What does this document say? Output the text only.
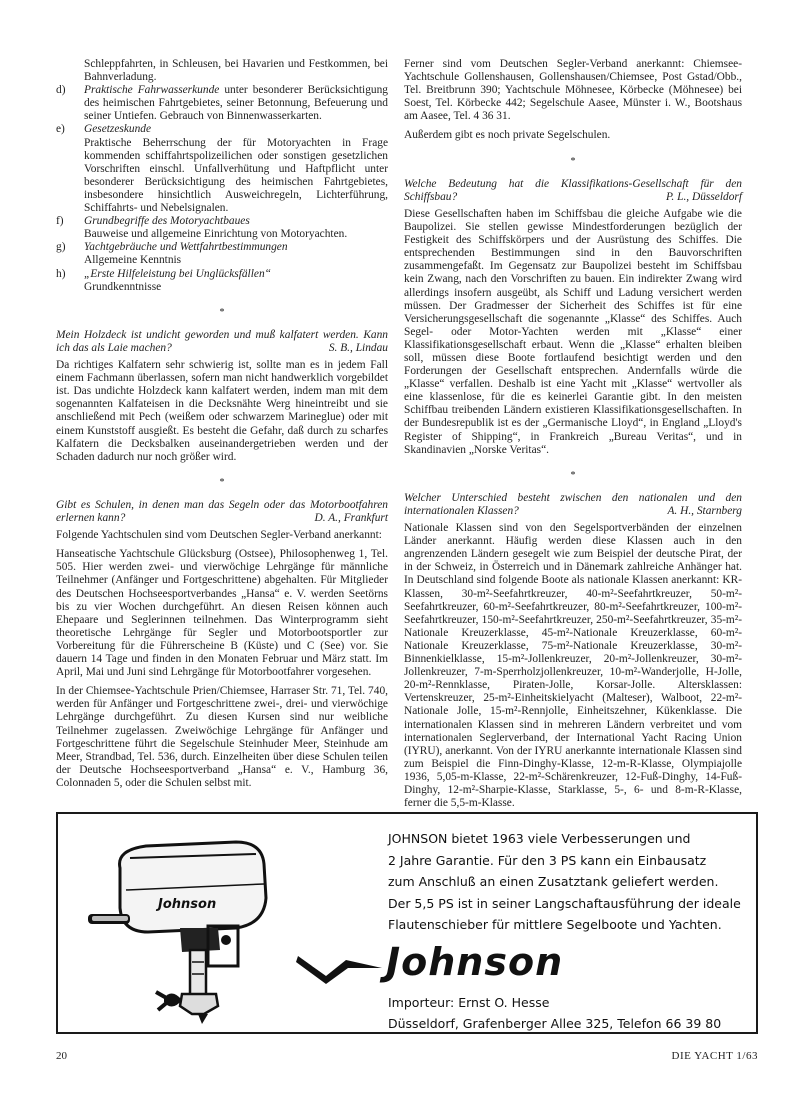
Schleppfahrten, in Schleusen, bei Havarien und Festkommen, bei Bahnverladung.

d)	Praktische Fahrwasserkunde unter besonderer Berücksichtigung des heimischen Fahrtgebietes, seiner Betonnung, Befeuerung und seiner Untiefen. Gebrauch von Binnenwasserkarten.
e)	Gesetzeskunde

Praktische Beherrschung der für Motoryachten in Frage kommenden schiffahrtspolizeilichen oder sonstigen gesetzlichen Vorschriften einschl. Unfallverhütung und Haftpflicht unter besonderer Berücksichtigung des heimischen Fahrtgebietes, insbesondere hinsichtlich Ausweichregeln, Lichterführung, Schiffahrts- und Nebelsignalen.

f)	Grundbegriffe des Motoryachtbaues

Bauweise und allgemeine Einrichtung von Motoryachten.

g)	Yachtgebräuche und Wettfahrtbestimmungen

Allgemeine Kenntnis

h)	„Erste Hilfeleistung bei Unglücksfällen“

Grundkenntnisse

*

Mein Holzdeck ist undicht geworden und muß kalfatert werden. Kann ich das als Laie machen?	S. B., Lindau

Da richtiges Kalfatern sehr schwierig ist, sollte man es in jedem Fall einem Fachmann überlassen, sofern man nicht handwerklich vorgebildet ist. Das undichte Holzdeck kann kalfatert werden, indem man mit dem sogenannten Kalfateisen in die Decksnähte Werg hineintreibt und sie anschließend mit Pech (weißem oder schwarzem Marineglue) oder mit einem Kunststoff ausgießt. Es besteht die Gefahr, daß durch zu scharfes Kalfatern die Decksbalken auseinandergetrieben werden und der Schaden dadurch nur noch größer wird.

*

Gibt es Schulen, in denen man das Segeln oder das Motorbootfahren erlernen kann?	D. A., Frankfurt

Folgende Yachtschulen sind vom Deutschen Segler-Verband anerkannt:

Hanseatische Yachtschule Glücksburg (Ostsee), Philosophenweg 1, Tel. 505. Hier werden zwei- und vierwöchige Lehrgänge für männliche Teilnehmer (Anfänger und Fortgeschrittene) abgehalten. Für Mitglieder des Deutschen Hochseesportverbandes „Hansa“ e. V. werden Seetörns bis zu vier Wochen durchgeführt. An diesen Reisen können auch Ehepaare und Seglerinnen teilnehmen. Das Winterprogramm sieht theoretische Lehrgänge für Segler und Motorbootsportler zur Vorbereitung für die Führerscheine B (Küste) und C (See) vor. Sie dauern 14 Tage und finden in den Monaten Februar und März statt. Im April, Mai und Juni sind Lehrgänge für Motorbootfahrer vorgesehen.

In der Chiemsee-Yachtschule Prien/Chiemsee, Harraser Str. 71, Tel. 740, werden für Anfänger und Fortgeschrittene zwei-, drei- und vierwöchige Lehrgänge durchgeführt. Zu diesen Kursen sind nur weibliche Teilnehmer zugelassen. Zweiwöchige Lehrgänge für Anfänger und Fortgeschrittene führt die Segelschule Steinhuder Meer, Steinhude am Meer, Strandbad, Tel. 536, durch. Einzelheiten über diese Schulen teilen der Deutsche Hochseesportverband „Hansa“ e. V., Hamburg 36, Colonnaden 5, oder die Schulen selbst mit.

Ferner sind vom Deutschen Segler-Verband anerkannt: Chiemsee-Yachtschule Gollenshausen, Gollenshausen/Chiemsee, Post Gstad/Obb., Tel. Breitbrunn 390; Yachtschule Möhnesee, Körbecke (Möhnesee) bei Soest, Tel. Körbecke 442; Segelschule Aasee, Münster i. W., Bootshaus am Aasee, Tel. 4 36 31.

Außerdem gibt es noch private Segelschulen.

*

Welche Bedeutung hat die Klassifikations-Gesellschaft für den Schiffsbau?	P. L., Düsseldorf

Diese Gesellschaften haben im Schiffsbau die gleiche Aufgabe wie die Baupolizei. Sie stellen gewisse Mindestforderungen bezüglich der Festigkeit des Schiffskörpers und der Ausrüstung des Schiffes. Die entsprechenden Bestimmungen sind in den Bauvorschriften zusammengefaßt. Im Gegensatz zur Baupolizei besteht im Schiffsbau kein Zwang, nach den Vorschriften zu bauen. Ein indirekter Zwang wird allerdings insofern ausgeübt, als Schiff und Ladung versichert werden müssen. Der Gradmesser der Sicherheit des Schiffes ist für eine Versicherungsgesellschaft die sogenannte „Klasse“ des Schiffes. Auch Segel- oder Motor-Yachten werden mit „Klasse“ einer Klassifikationsgesellschaft erbaut. Wenn die „Klasse“ erhalten bleiben soll, müssen diese Boote fortlaufend besichtigt werden und den Forderungen der Gesellschaft entsprechen. Andernfalls würde die „Klasse“ verfallen. Deshalb ist eine Yacht mit „Klasse“ wertvoller als eine klassenlose, für die es keinerlei Garantie gibt. In den meisten Schiffbau treibenden Ländern existieren Klassifikationsgesellschaften. In der Bundesrepublik ist es der „Germanische Lloyd“, in England „Lloyd's Register of Shipping“, in Frankreich „Bureau Veritas“, und in Skandinavien „Norske Veritas“.

*

Welcher Unterschied besteht zwischen den nationalen und den internationalen Klassen?	A. H., Starnberg

Nationale Klassen sind von den Segelsportverbänden der einzelnen Länder anerkannt. Häufig werden diese Klassen auch in den angrenzenden Ländern gesegelt wie zum Beispiel der deutsche Pirat, der in der Schweiz, in Österreich und in Dänemark zahlreiche Anhänger hat. In Deutschland sind folgende Boote als nationale Klassen anerkannt: KR-Klassen, 30-m²-Seefahrtkreuzer, 40-m²-Seefahrtkreuzer, 50-m²-Seefahrtkreuzer, 60-m²-Seefahrtkreuzer, 80-m²-Seefahrtkreuzer, 100-m²-Seefahrtkreuzer, 150-m²-Seefahrtkreuzer, 250-m²-Seefahrtkreuzer, 35-m²-Nationale Kreuzerklasse, 45-m²-Nationale Kreuzerklasse, 60-m²-Nationale Kreuzerklasse, 75-m²-Nationale Kreuzerklasse, 30-m²-Binnenkielklasse, 15-m²-Jollenkreuzer, 20-m²-Jollenkreuzer, 30-m²-Jollenkreuzer, 7-m-Sperrholzjollenkreuzer, 10-m²-Wanderjolle, H-Jolle, 20-m²-Rennklasse, Piraten-Jolle, Korsar-Jolle. Altersklassen: Vertenskreuzer, 25-m²-Einheitskielyacht (Malteser), Walboot, 22-m²-Nationale Jolle, 15-m²-Rennjolle, Einheitszehner, Kükenklasse. Die internationalen Klassen sind in mehreren Ländern verbreitet und vom internationalen Seglerverband, der International Yacht Racing Union (IYRU), anerkannt. Von der IYRU anerkannte internationale Klassen sind zum Beispiel die Finn-Dinghy-Klasse, 12-m-R-Klasse, Olympiajolle 1936, 5,05-m-Klasse, 22-m²-Schärenkreuzer, 12-Fuß-Dinghy, 14-Fuß-Dinghy, 12-m²-Sharpie-Klasse, Starklasse, 5-, 6- und 8-m-R-Klasse, ferner die 5,5-m-Klasse.

Johnson

JOHNSON bietet 1963 viele Verbesserungen und

2 Jahre Garantie. Für den 3 PS kann ein Einbausatz

zum Anschluß an einen Zusatztank geliefert werden.

Der 5,5 PS ist in seiner Langschaftausführung der ideale

Flautenschieber für mittlere Segelboote und Yachten.

Johnson

Importeur: Ernst O. Hesse

Düsseldorf, Grafenberger Allee 325, Telefon 66 39 80

20	DIE YACHT 1/63
